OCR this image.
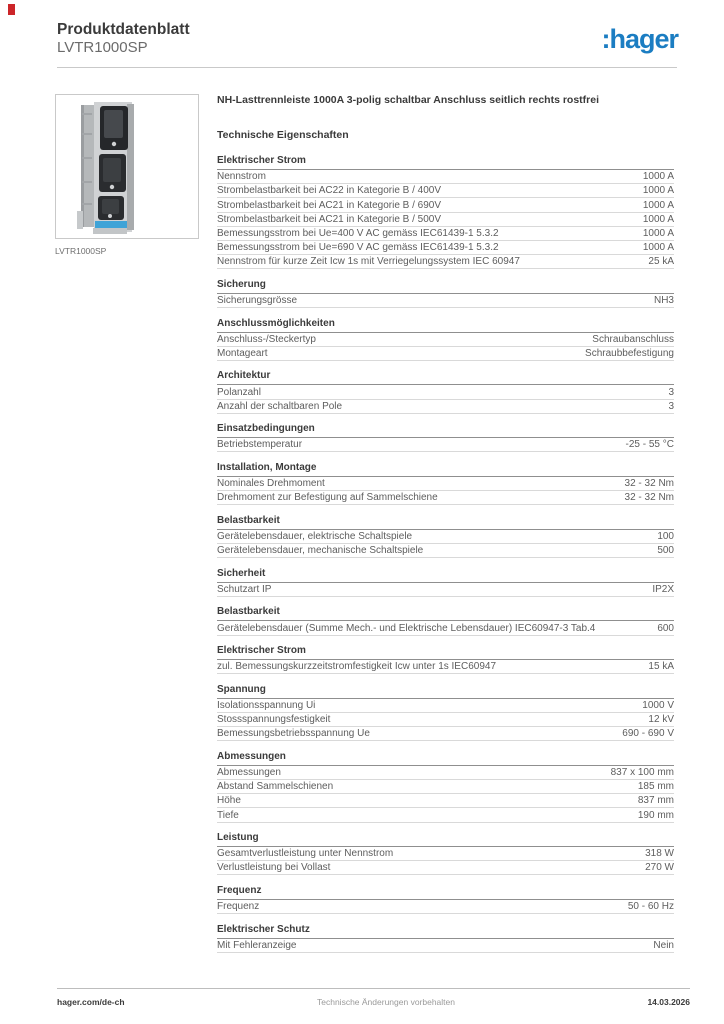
Produktdatenblatt
LVTR1000SP	:hager
LVTR1000SP
NH-Lasttrennleiste 1000A 3-polig schaltbar Anschluss seitlich rechts rostfrei
Technische Eigenschaften
Elektrischer Strom
Nennstrom	1000 A
Strombelastbarkeit bei AC22 in Kategorie B / 400V	1000 A
Strombelastbarkeit bei AC21 in Kategorie B / 690V	1000 A
Strombelastbarkeit bei AC21 in Kategorie B / 500V	1000 A
Bemessungsstrom bei Ue=400 V AC gemäss IEC61439-1 5.3.2	1000 A
Bemessungsstrom bei Ue=690 V AC gemäss IEC61439-1 5.3.2	1000 A
Nennstrom für kurze Zeit Icw 1s mit Verriegelungssystem IEC 60947	25 kA
Sicherung
Sicherungsgrösse	NH3
Anschlussmöglichkeiten
Anschluss-/Steckertyp	Schraubanschluss
Montageart	Schraubbefestigung
Architektur
Polanzahl	3
Anzahl der schaltbaren Pole	3
Einsatzbedingungen
Betriebstemperatur	-25 - 55 °C
Installation, Montage
Nominales Drehmoment	32 - 32 Nm
Drehmoment zur Befestigung auf Sammelschiene	32 - 32 Nm
Belastbarkeit
Gerätelebensdauer, elektrische Schaltspiele	100
Gerätelebensdauer, mechanische Schaltspiele	500
Sicherheit
Schutzart IP	IP2X
Belastbarkeit
Gerätelebensdauer (Summe Mech.- und Elektrische Lebensdauer) IEC60947-3 Tab.4	600
Elektrischer Strom
zul. Bemessungskurzzeitstromfestigkeit Icw unter 1s IEC60947	15 kA
Spannung
Isolationsspannung Ui	1000 V
Stossspannungsfestigkeit	12 kV
Bemessungsbetriebsspannung Ue	690 - 690 V
Abmessungen
Abmessungen	837 x 100 mm
Abstand Sammelschienen	185 mm
Höhe	837 mm
Tiefe	190 mm
Leistung
Gesamtverlustleistung unter Nennstrom	318 W
Verlustleistung bei Vollast	270 W
Frequenz
Frequenz	50 - 60 Hz
Elektrischer Schutz
Mit Fehleranzeige	Nein
hager.com/de-ch	Technische Änderungen vorbehalten	14.03.2026
